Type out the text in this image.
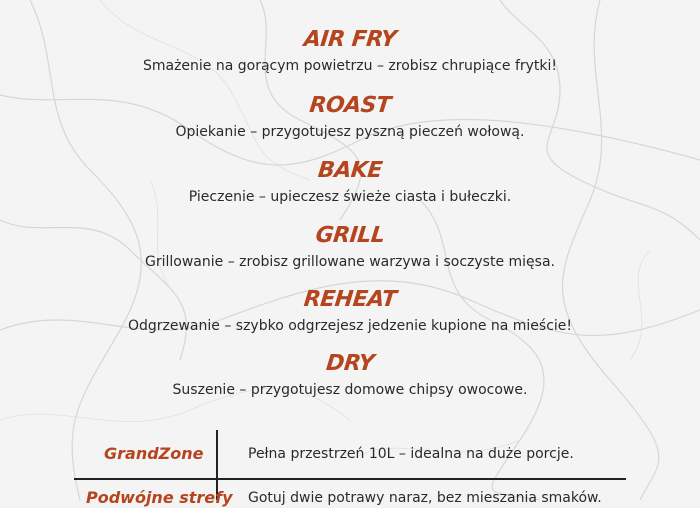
AIR FRY
Smażenie na gorącym powietrzu – zrobisz chrupiące frytki!
ROAST
Opiekanie – przygotujesz pyszną pieczeń wołową.
BAKE
Pieczenie – upieczesz świeże ciasta i bułeczki.
GRILL
Grillowanie – zrobisz grillowane warzywa i soczyste mięsa.
REHEAT
Odgrzewanie – szybko odgrzejesz jedzenie kupione na mieście!
DRY
Suszenie – przygotujesz domowe chipsy owocowe.
GrandZone	Pełna przestrzeń 10L – idealna na duże porcje.
Podwójne strefy Gotuj dwie potrawy naraz, bez mieszania smaków.
